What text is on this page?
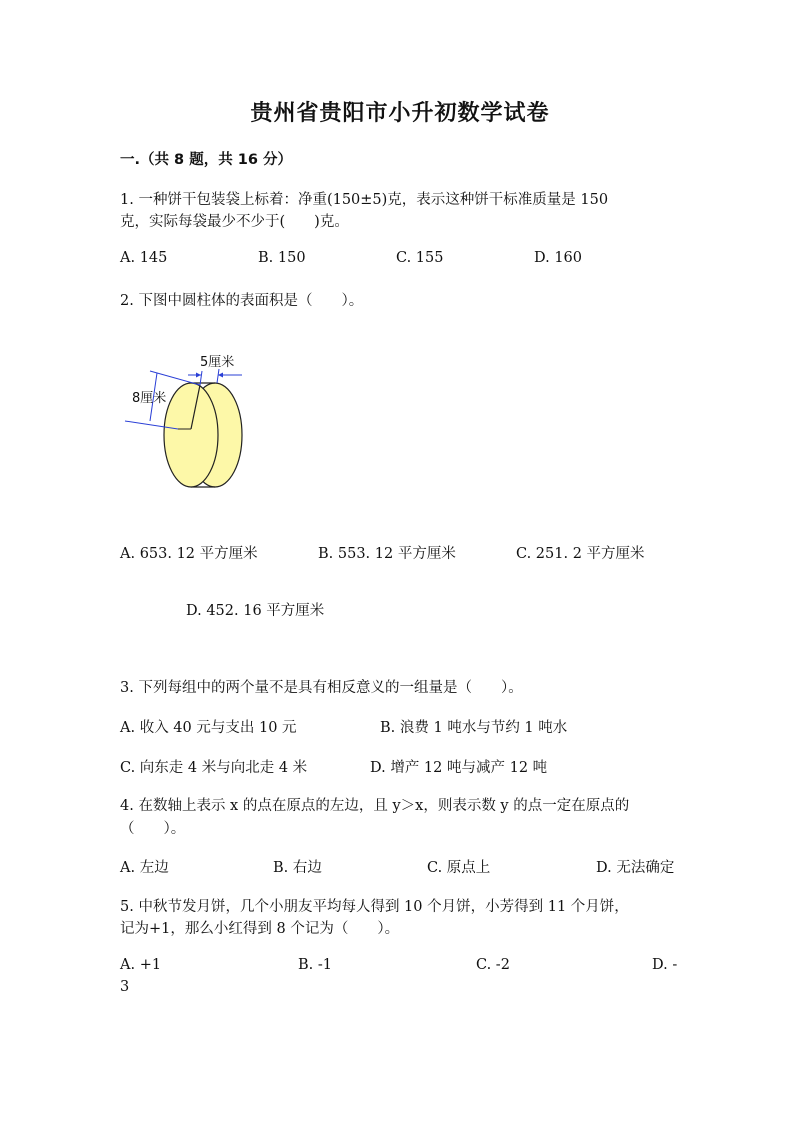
贵州省贵阳市小升初数学试卷
一.（共 8 题，共 16 分）
1. 一种饼干包装袋上标着：净重(150±5)克，表示这种饼干标准质量是 150
克，实际每袋最少不少于(　　)克。
A. 145	B. 150	C. 155	D. 160
2. 下图中圆柱体的表面积是（　　）。
5厘米
8厘米
A. 653. 12 平方厘米	B. 553. 12 平方厘米	C. 251. 2 平方厘米
D. 452. 16 平方厘米
3. 下列每组中的两个量不是具有相反意义的一组量是（　　）。
A. 收入 40 元与支出 10 元	B. 浪费 1 吨水与节约 1 吨水
C. 向东走 4 米与向北走 4 米	D. 增产 12 吨与减产 12 吨
4. 在数轴上表示 x 的点在原点的左边，且 y＞x，则表示数 y 的点一定在原点的
（　　）。
A. 左边	B. 右边	C. 原点上	D. 无法确定
5. 中秋节发月饼，几个小朋友平均每人得到 10 个月饼，小芳得到 11 个月饼，
记为+1，那么小红得到 8 个记为（　　）。
A. +1	B. -1	C. -2	D. -
3
